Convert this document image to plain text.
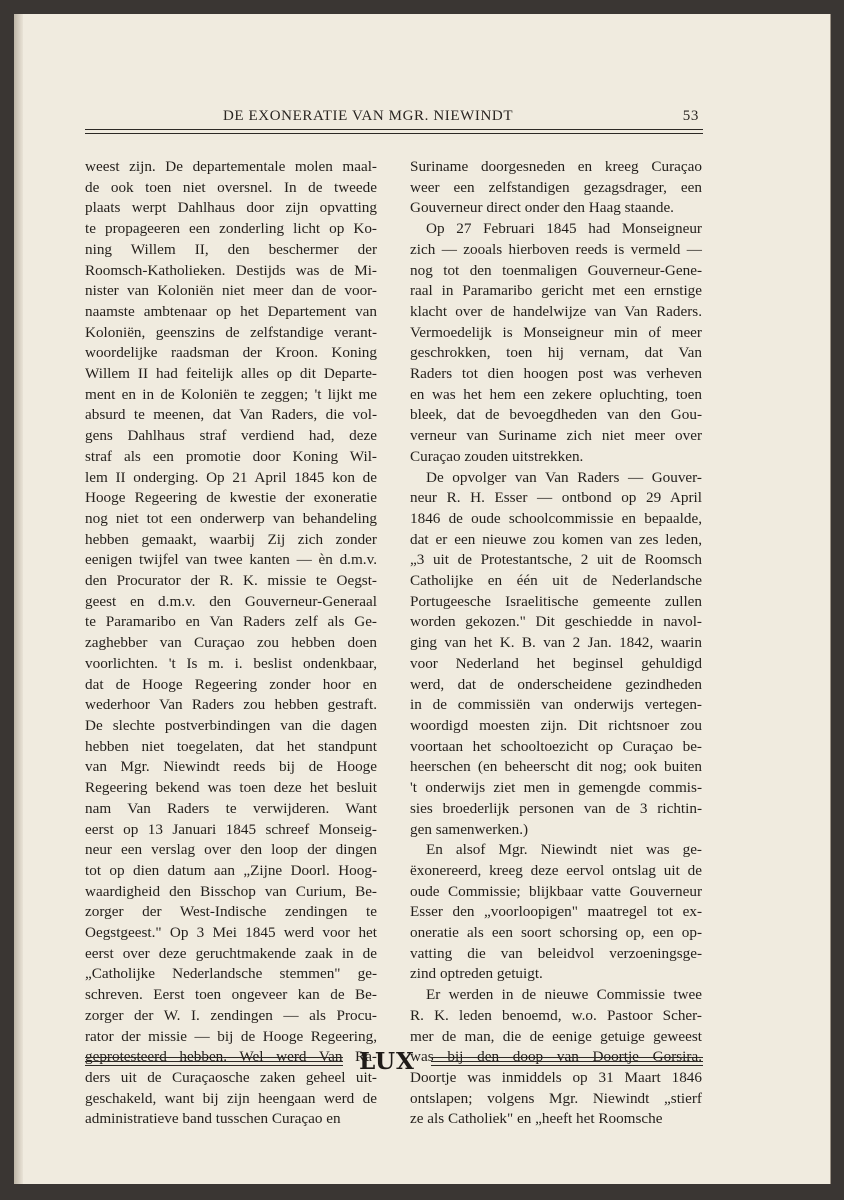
DE EXONERATIE VAN MGR. NIEWINDT	53

weest zijn. De departementale molen maal-

de ook toen niet oversnel. In de tweede

plaats werpt Dahlhaus door zijn opvatting

te propageeren een zonderling licht op Ko-

ning Willem II, den beschermer der

Roomsch-Katholieken. Destijds was de Mi-

nister van Koloniën niet meer dan de voor-

naamste ambtenaar op het Departement van

Koloniën, geenszins de zelfstandige verant-

woordelijke raadsman der Kroon. Koning

Willem II had feitelijk alles op dit Departe-

ment en in de Koloniën te zeggen; 't lijkt me

absurd te meenen, dat Van Raders, die vol-

gens Dahlhaus straf verdiend had, deze

straf als een promotie door Koning Wil-

lem II onderging. Op 21 April 1845 kon de

Hooge Regeering de kwestie der exoneratie

nog niet tot een onderwerp van behandeling

hebben gemaakt, waarbij Zij zich zonder

eenigen twijfel van twee kanten — èn d.m.v.

den Procurator der R. K. missie te Oegst-

geest en d.m.v. den Gouverneur-Generaal

te Paramaribo en Van Raders zelf als Ge-

zaghebber van Curaçao zou hebben doen

voorlichten. 't Is m. i. beslist ondenkbaar,

dat de Hooge Regeering zonder hoor en

wederhoor Van Raders zou hebben gestraft.

De slechte postverbindingen van die dagen

hebben niet toegelaten, dat het standpunt

van Mgr. Niewindt reeds bij de Hooge

Regeering bekend was toen deze het besluit

nam Van Raders te verwijderen. Want

eerst op 13 Januari 1845 schreef Monseig-

neur een verslag over den loop der dingen

tot op dien datum aan „Zijne Doorl. Hoog-

waardigheid den Bisschop van Curium, Be-

zorger der West-Indische zendingen te

Oegstgeest." Op 3 Mei 1845 werd voor het

eerst over deze geruchtmakende zaak in de

„Catholijke Nederlandsche stemmen" ge-

schreven. Eerst toen ongeveer kan de Be-

zorger der W. I. zendingen — als Procu-

rator der missie — bij de Hooge Regeering,

geprotesteerd hebben. Wel werd Van Ra-

ders uit de Curaçaosche zaken geheel uit-

geschakeld, want bij zijn heengaan werd de

administratieve band tusschen Curaçao en

Suriname doorgesneden en kreeg Curaçao

weer een zelfstandigen gezagsdrager, een

Gouverneur direct onder den Haag staande.

Op 27 Februari 1845 had Monseigneur

zich — zooals hierboven reeds is vermeld —

nog tot den toenmaligen Gouverneur-Gene-

raal in Paramaribo gericht met een ernstige

klacht over de handelwijze van Van Raders.

Vermoedelijk is Monseigneur min of meer

geschrokken, toen hij vernam, dat Van

Raders tot dien hoogen post was verheven

en was het hem een zekere opluchting, toen

bleek, dat de bevoegdheden van den Gou-

verneur van Suriname zich niet meer over

Curaçao zouden uitstrekken.

De opvolger van Van Raders — Gouver-

neur R. H. Esser — ontbond op 29 April

1846 de oude schoolcommissie en bepaalde,

dat er een nieuwe zou komen van zes leden,

„3 uit de Protestantsche, 2 uit de Roomsch

Catholijke en één uit de Nederlandsche

Portugeesche Israelitische gemeente zullen

worden gekozen." Dit geschiedde in navol-

ging van het K. B. van 2 Jan. 1842, waarin

voor Nederland het beginsel gehuldigd

werd, dat de onderscheidene gezindheden

in de commissiën van onderwijs vertegen-

woordigd moesten zijn. Dit richtsnoer zou

voortaan het schooltoezicht op Curaçao be-

heerschen (en beheerscht dit nog; ook buiten

't onderwijs ziet men in gemengde commis-

sies broederlijk personen van de 3 richtin-

gen samenwerken.)

En alsof Mgr. Niewindt niet was ge-

ëxonereerd, kreeg deze eervol ontslag uit de

oude Commissie; blijkbaar vatte Gouverneur

Esser den „voorloopigen" maatregel tot ex-

oneratie als een soort schorsing op, een op-

vatting die van beleidvol verzoeningsge-

zind optreden getuigt.

Er werden in de nieuwe Commissie twee

R. K. leden benoemd, w.o. Pastoor Scher-

mer de man, die de eenige getuige geweest

was bij den doop van Doortje Gorsira.

Doortje was inmiddels op 31 Maart 1846

ontslapen; volgens Mgr. Niewindt „stierf

ze als Catholiek" en „heeft het Roomsche

LUX
